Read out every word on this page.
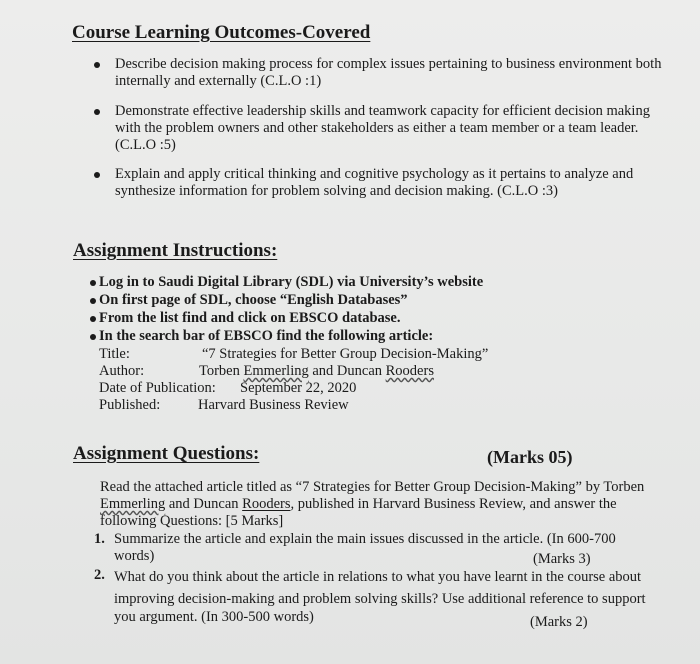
Course Learning Outcomes-Covered
Describe decision making process for complex issues pertaining to business environment both
internally and externally (C.L.O :1)
Demonstrate effective leadership skills and teamwork capacity for efficient decision making
with the problem owners and other stakeholders as either a team member or a team leader.
(C.L.O :5)
Explain and apply critical thinking and cognitive psychology as it pertains to analyze and
synthesize information for problem solving and decision making. (C.L.O :3)
Assignment Instructions:
Log in to Saudi Digital Library (SDL) via University’s website
On first page of SDL, choose “English Databases”
From the list find and click on EBSCO database.
In the search bar of EBSCO find the following article:
Title:	“7 Strategies for Better Group Decision-Making”
Author:	Torben Emmerling and Duncan Rooders
Date of Publication: September 22, 2020
Published:	Harvard Business Review
Assignment Questions:	(Marks 05)
Read the attached article titled as “7 Strategies for Better Group Decision-Making” by Torben
Emmerling and Duncan Rooders, published in Harvard Business Review, and answer the
following Questions: [5 Marks]
1. Summarize the article and explain the main issues discussed in the article. (In 600-700
words)	(Marks 3)
2. What do you think about the article in relations to what you have learnt in the course about
improving decision-making and problem solving skills? Use additional reference to support
you argument. (In 300-500 words)	(Marks 2)
